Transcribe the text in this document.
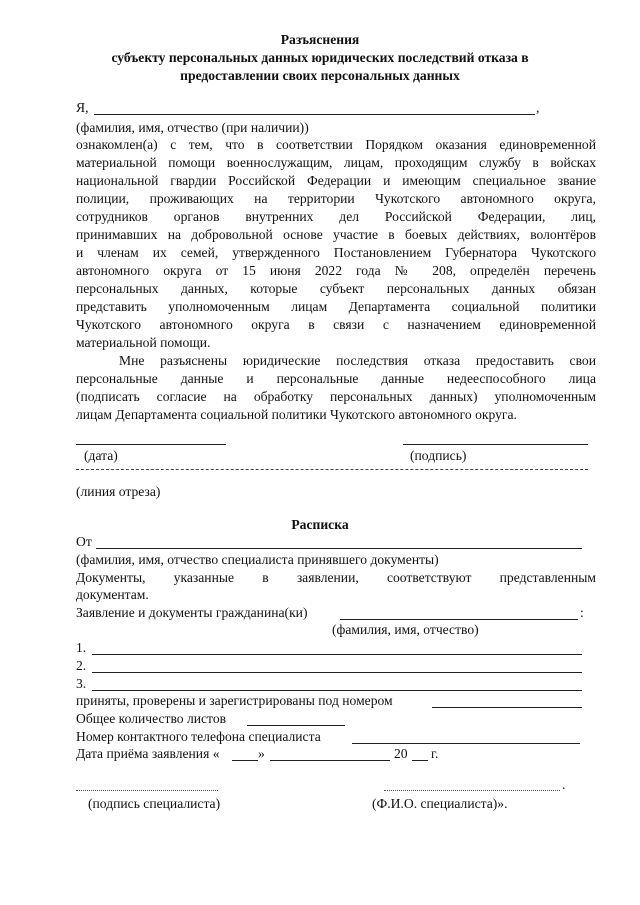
Разъяснения
субъекту персональных данных юридических последствий отказа в
предоставлении своих персональных данных
Я,	,
(фамилия, имя, отчество (при наличии))
ознакомлен(а) с тем, что в соответствии Порядком оказания единовременной
материальной помощи военнослужащим, лицам, проходящим службу в войсках
национальной гвардии Российской Федерации и имеющим специальное звание
полиции, проживающих на территории Чукотского автономного округа,
сотрудников органов внутренних дел Российской Федерации, лиц,
принимавших на добровольной основе участие в боевых действиях, волонтёров
и членам их семей, утвержденного Постановлением Губернатора Чукотского
автономного округа от 15 июня 2022 года № 208, определён перечень
персональных данных, которые субъект персональных данных обязан
представить уполномоченным лицам Департамента социальной политики
Чукотского автономного округа в связи с назначением единовременной
материальной помощи.
Мне разъяснены юридические последствия отказа предоставить свои
персональные данные и персональные данные недееспособного лица
(подписать согласие на обработку персональных данных) уполномоченным
лицам Департамента социальной политики Чукотского автономного округа.
(дата)	(подпись)
(линия отреза)
Расписка
От
(фамилия, имя, отчество специалиста принявшего документы)
Документы, указанные в заявлении, соответствуют представленным
документам.
Заявление и документы гражданина(ки)	:
(фамилия, имя, отчество)
1.
2.
3.
приняты, проверены и зарегистрированы под номером
Общее количество листов
Номер контактного телефона специалиста
Дата приёма заявления «	»	20 г.
.
(подпись специалиста)	(Ф.И.О. специалиста)».
